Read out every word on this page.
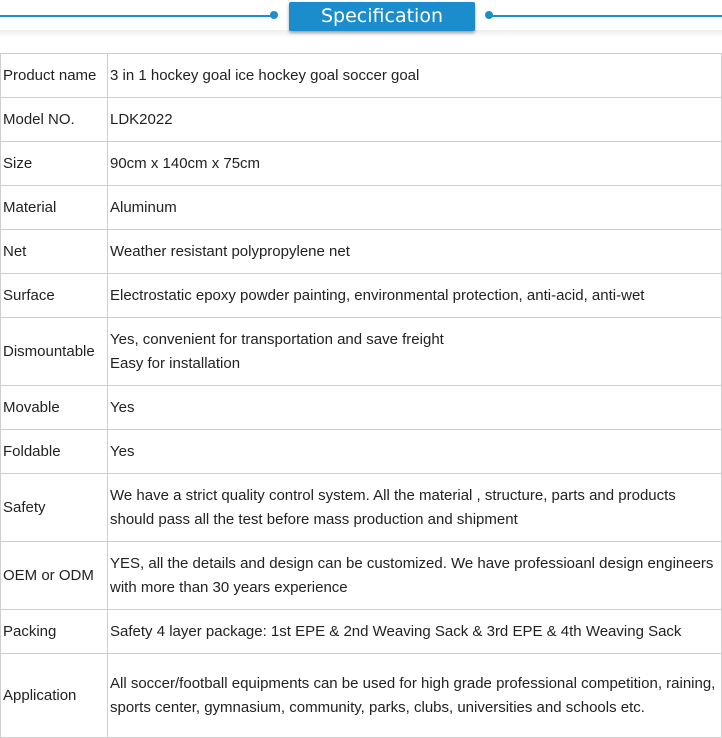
Specification
Product name	3 in 1 hockey goal ice hockey goal soccer goal

Model NO.	LDK2022

Size	90cm x 140cm x 75cm

Material	Aluminum

Net	Weather resistant polypropylene net

Surface	Electrostatic epoxy powder painting, environmental protection, anti-acid, anti-wet

Dismountable	Yes, convenient for transportation and save freight
Easy for installation

Movable	Yes

Foldable	Yes

Safety	We have a strict quality control system. All the material , structure, parts and products should pass all the test before mass production and shipment

OEM or ODM	YES, all the details and design can be customized. We have professioanl design engineers with more than 30 years experience

Packing	Safety 4 layer package: 1st EPE & 2nd Weaving Sack & 3rd EPE & 4th Weaving Sack

Application	All soccer/football equipments can be used for high grade professional competition, raining, sports center, gymnasium, community, parks, clubs, universities and schools etc.
